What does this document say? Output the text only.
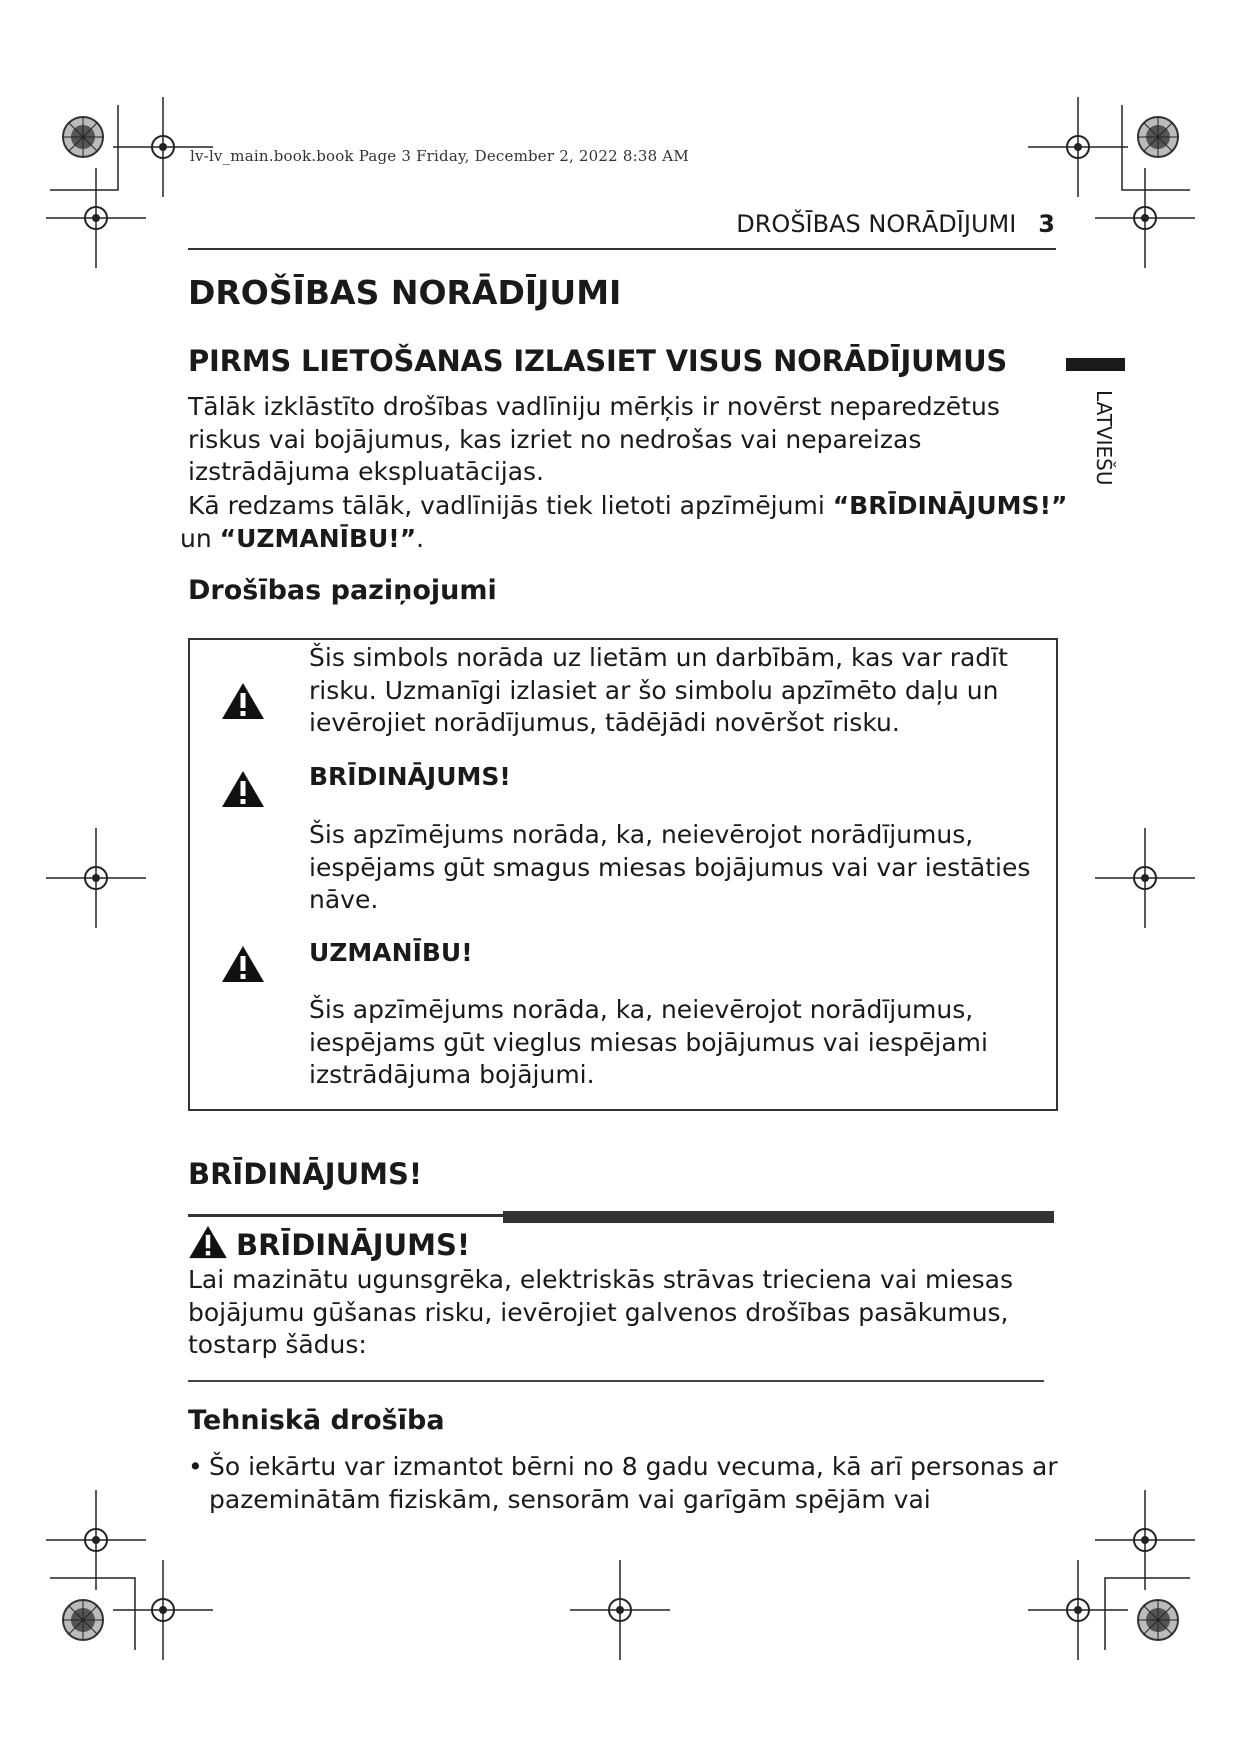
lv-lv_main.book.book Page 3 Friday, December 2, 2022 8:38 AM
DROŠĪBAS NORĀDĪJUMI 3
LATVIEŠU
DROŠĪBAS NORĀDĪJUMI
PIRMS LIETOŠANAS IZLASIET VISUS NORĀDĪJUMUS
Tālāk izklāstīto drošības vadlīniju mērķis ir novērst neparedzētus riskus vai bojājumus, kas izriet no nedrošas vai nepareizas izstrādājuma ekspluatācijas.
Kā redzams tālāk, vadlīnijās tiek lietoti apzīmējumi “BRĪDINĀJUMS!”
un “UZMANĪBU!”.
Drošības paziņojumi
Šis simbols norāda uz lietām un darbībām, kas var radīt risku. Uzmanīgi izlasiet ar šo simbolu apzīmēto daļu un ievērojiet norādījumus, tādējādi novēršot risku.
BRĪDINĀJUMS!
Šis apzīmējums norāda, ka, neievērojot norādījumus, iespējams gūt smagus miesas bojājumus vai var iestāties nāve.
UZMANĪBU!
Šis apzīmējums norāda, ka, neievērojot norādījumus, iespējams gūt vieglus miesas bojājumus vai iespējami izstrādājuma bojājumi.
BRĪDINĀJUMS!
BRĪDINĀJUMS!
Lai mazinātu ugunsgrēka, elektriskās strāvas trieciena vai miesas bojājumu gūšanas risku, ievērojiet galvenos drošības pasākumus, tostarp šādus:
Tehniskā drošība
• Šo iekārtu var izmantot bērni no 8 gadu vecuma, kā arī personas ar pazeminātām fiziskām, sensorām vai garīgām spējām vai
